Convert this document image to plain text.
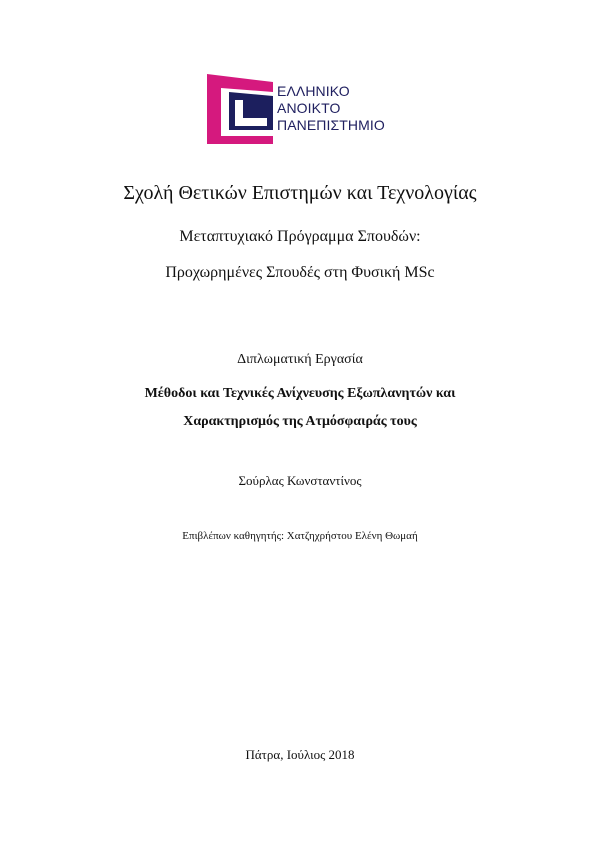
ΕΛΛΗΝΙΚΟ
ΑΝΟΙΚΤΟ
ΠΑΝΕΠΙΣΤΗΜΙΟ
Σχολή Θετικών Επιστημών και Τεχνολογίας
Μεταπτυχιακό Πρόγραμμα Σπουδών:
Προχωρημένες Σπουδές στη Φυσική MSc
Διπλωματική Εργασία
Μέθοδοι και Τεχνικές Ανίχνευσης Εξωπλανητών και
Χαρακτηρισμός της Ατμόσφαιράς τους
Σούρλας Κωνσταντίνος
Επιβλέπων καθηγητής: Χατζηχρήστου Ελένη Θωμαή
Πάτρα, Ιούλιος 2018
